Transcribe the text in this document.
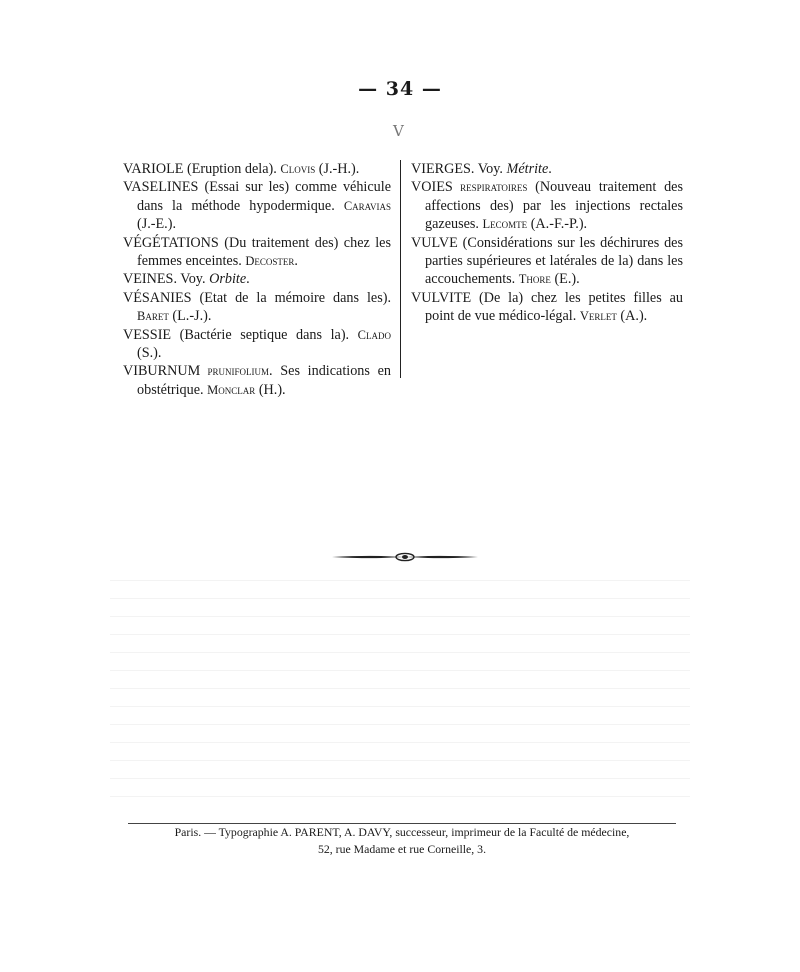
— 34 —
V

VARIOLE (Eruption dela). Clovis (J.-H.).

VASELINES (Essai sur les) comme véhicule dans la méthode hypodermique. Caravias (J.-E.).

VÉGÉTATIONS (Du traitement des) chez les femmes enceintes. Decoster.

VEINES. Voy. Orbite.

VÉSANIES (Etat de la mémoire dans les). Baret (L.-J.).

VESSIE (Bactérie septique dans la). Clado (S.).

VIBURNUM prunifolium. Ses indications en obstétrique. Monclar (H.).

VIERGES. Voy. Métrite.

VOIES respiratoires (Nouveau traitement des affections des) par les injections rectales gazeuses. Lecomte (A.-F.-P.).

VULVE (Considérations sur les déchirures des parties supérieures et latérales de la) dans les accouchements. Thore (E.).

VULVITE (De la) chez les petites filles au point de vue médico-légal. Verlet (A.).

Paris. — Typographie A. PARENT, A. DAVY, successeur, imprimeur de la Faculté de médecine,
52, rue Madame et rue Corneille, 3.
